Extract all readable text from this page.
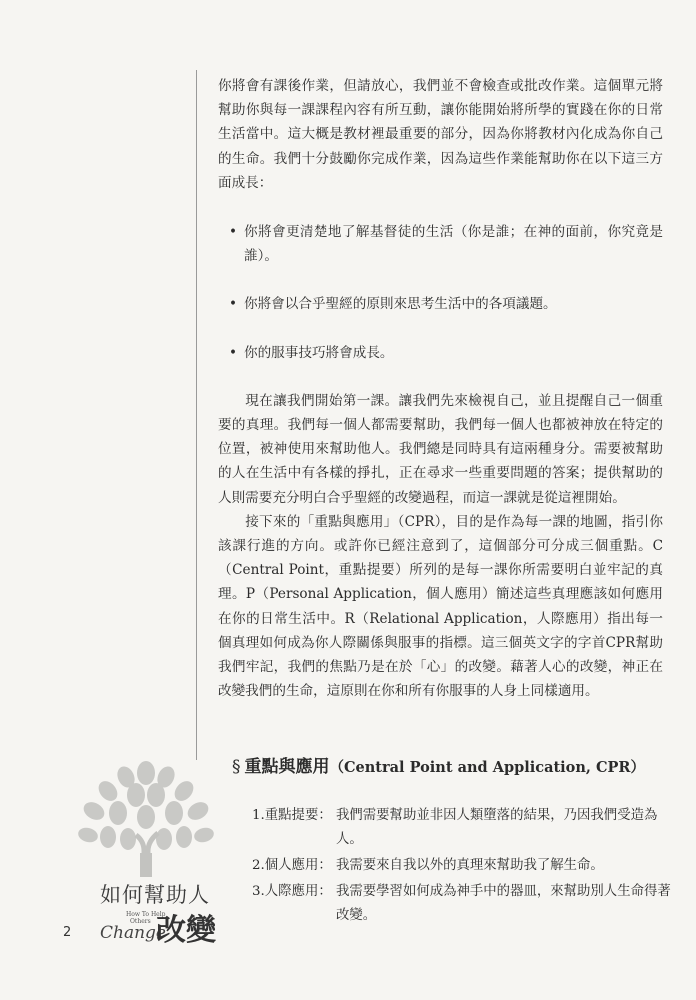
你將會有課後作業，但請放心，我們並不會檢查或批改作業。這個單元將幫助你與每一課課程內容有所互動，讓你能開始將所學的實踐在你的日常生活當中。這大概是教材裡最重要的部分，因為你將教材內化成為你自己的生命。我們十分鼓勵你完成作業，因為這些作業能幫助你在以下這三方面成長：

• 你將會更清楚地了解基督徒的生活（你是誰；在神的面前，你究竟是誰）。
• 你將會以合乎聖經的原則來思考生活中的各項議題。
• 你的服事技巧將會成長。

現在讓我們開始第一課。讓我們先來檢視自己，並且提醒自己一個重要的真理。我們每一個人都需要幫助，我們每一個人也都被神放在特定的位置，被神使用來幫助他人。我們總是同時具有這兩種身分。需要被幫助的人在生活中有各樣的掙扎，正在尋求一些重要問題的答案；提供幫助的人則需要充分明白合乎聖經的改變過程，而這一課就是從這裡開始。

接下來的「重點與應用」（CPR），目的是作為每一課的地圖，指引你該課行進的方向。或許你已經注意到了，這個部分可分成三個重點。C（Central Point，重點提要）所列的是每一課你所需要明白並牢記的真理。P（Personal Application，個人應用）簡述這些真理應該如何應用在你的日常生活中。R（Relational Application，人際應用）指出每一個真理如何成為你人際關係與服事的指標。這三個英文字的字首CPR幫助我們牢記，我們的焦點乃是在於「心」的改變。藉著人心的改變，神正在改變我們的生命，這原則在你和所有你服事的人身上同樣適用。

§ 重點與應用（Central Point and Application, CPR）
1.重點提要： 我們需要幫助並非因人類墮落的結果，乃因我們受造為人。
2.個人應用： 我需要來自我以外的真理來幫助我了解生命。
3.人際應用： 我需要學習如何成為神手中的器皿，來幫助別人生命得著改變。
如何幫助人
How To Help
Others
Change
改變
2
